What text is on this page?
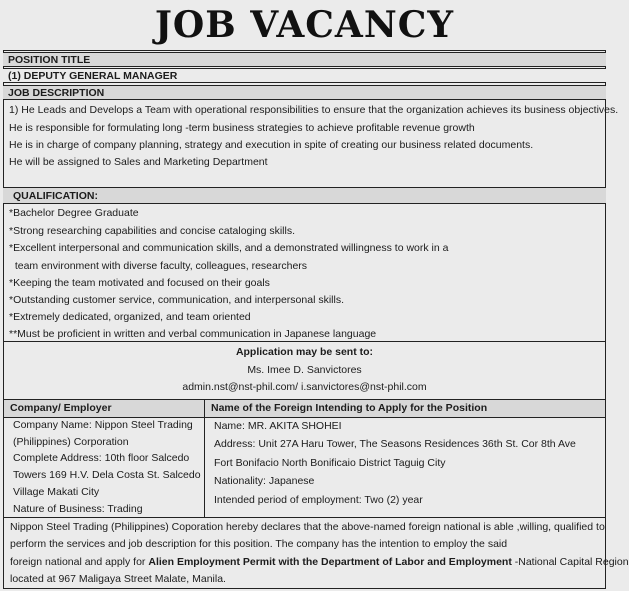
JOB VACANCY
POSITION TITLE
(1) DEPUTY GENERAL MANAGER
JOB DESCRIPTION
1) He Leads and Develops a Team with operational responsibilities to ensure that the organization achieves its business objectives.
He is responsible for formulating long -term business strategies to achieve profitable revenue growth
He is in charge of company planning, strategy and execution in spite of creating our business related documents.
He will be assigned to Sales and Marketing Department
QUALIFICATION:
*Bachelor Degree Graduate
*Strong researching capabilities and concise cataloging skills.
*Excellent interpersonal and communication skills, and a demonstrated willingness to work in a
team environment with diverse faculty, colleagues, researchers
*Keeping the team motivated and focused on their goals
*Outstanding customer service, communication, and interpersonal skills.
*Extremely dedicated, organized, and team oriented
**Must be proficient in written and verbal communication in Japanese language
Application may be sent to:
Ms. Imee D. Sanvictores
admin.nst@nst-phil.com/ i.sanvictores@nst-phil.com
Company/ Employer	Name of the Foreign Intending to Apply for the Position
Company Name: Nippon Steel Trading
(Philippines) Corporation
Complete Address: 10th floor Salcedo
Towers 169 H.V. Dela Costa St. Salcedo
Village Makati City
Nature of Business: Trading
Name: MR. AKITA SHOHEI
Address: Unit 27A Haru Tower, The Seasons Residences 36th St. Cor 8th Ave
Fort Bonifacio North Bonificaio District Taguig City
Nationality: Japanese
Intended period of employment: Two (2) year
Nippon Steel Trading (Philippines) Coporation hereby declares that the above-named foreign national is able ,willing, qualified to
perform the services and job description for this position. The company has the intention to employ the said
foreign national and apply for Alien Employment Permit with the Department of Labor and Employment -National Capital Region
located at 967 Maligaya Street Malate, Manila.
